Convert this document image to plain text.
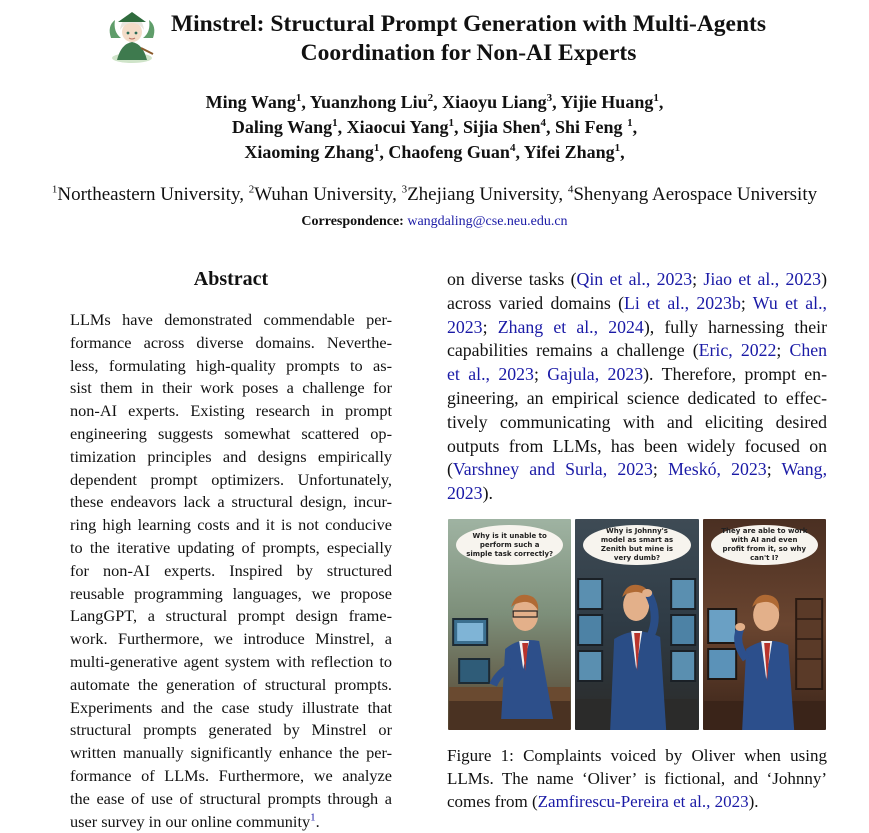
Minstrel: Structural Prompt Generation with Multi-Agents
Coordination for Non-AI Experts
Ming Wang$^1$, Yuanzhong Liu$^2$, Xiaoyu Liang$^3$, Yijie Huang$^1$,
Daling Wang$^1$, Xiaocui Yang$^1$, Sijia Shen$^4$, Shi Feng $^1$,
Xiaoming Zhang$^1$, Chaofeng Guan$^4$, Yifei Zhang$^1$,
$^1$Northeastern University, $^2$Wuhan University, $^3$Zhejiang University, $^4$Shenyang Aerospace University
Correspondence: wangdaling@cse.neu.edu.cn
Abstract
LLMs have demonstrated commendable per-
formance across diverse domains. Neverthe-
less, formulating high-quality prompts to as-
sist them in their work poses a challenge for
non-AI experts. Existing research in prompt
engineering suggests somewhat scattered op-
timization principles and designs empirically
dependent prompt optimizers. Unfortunately,
these endeavors lack a structural design, incur-
ring high learning costs and it is not conducive
to the iterative updating of prompts, especially
for non-AI experts. Inspired by structured
reusable programming languages, we propose
LangGPT, a structural prompt design frame-
work. Furthermore, we introduce Minstrel, a
multi-generative agent system with reflection to
automate the generation of structural prompts.
Experiments and the case study illustrate that
structural prompts generated by Minstrel or
written manually significantly enhance the per-
formance of LLMs. Furthermore, we analyze
the ease of use of structural prompts through a
user survey in our online community$^1$.
on diverse tasks (Qin et al., 2023; Jiao et al., 2023)
across varied domains (Li et al., 2023b; Wu et al.,
2023; Zhang et al., 2024), fully harnessing their
capabilities remains a challenge (Eric, 2022; Chen
et al., 2023; Gajula, 2023). Therefore, prompt en-
gineering, an empirical science dedicated to effec-
tively communicating with and eliciting desired
outputs from LLMs, has been widely focused on
(Varshney and Surla, 2023; Meskó, 2023; Wang,
2023).
Why is it unable to perform such a simple task correctly?
Why is Johnny's model as smart as Zenith but mine is very dumb?
They are able to work with AI and even profit from it, so why can't I?
Figure 1: Complaints voiced by Oliver when using
LLMs. The name ‘Oliver’ is fictional, and ‘Johnny’
comes from (Zamfirescu-Pereira et al., 2023).
